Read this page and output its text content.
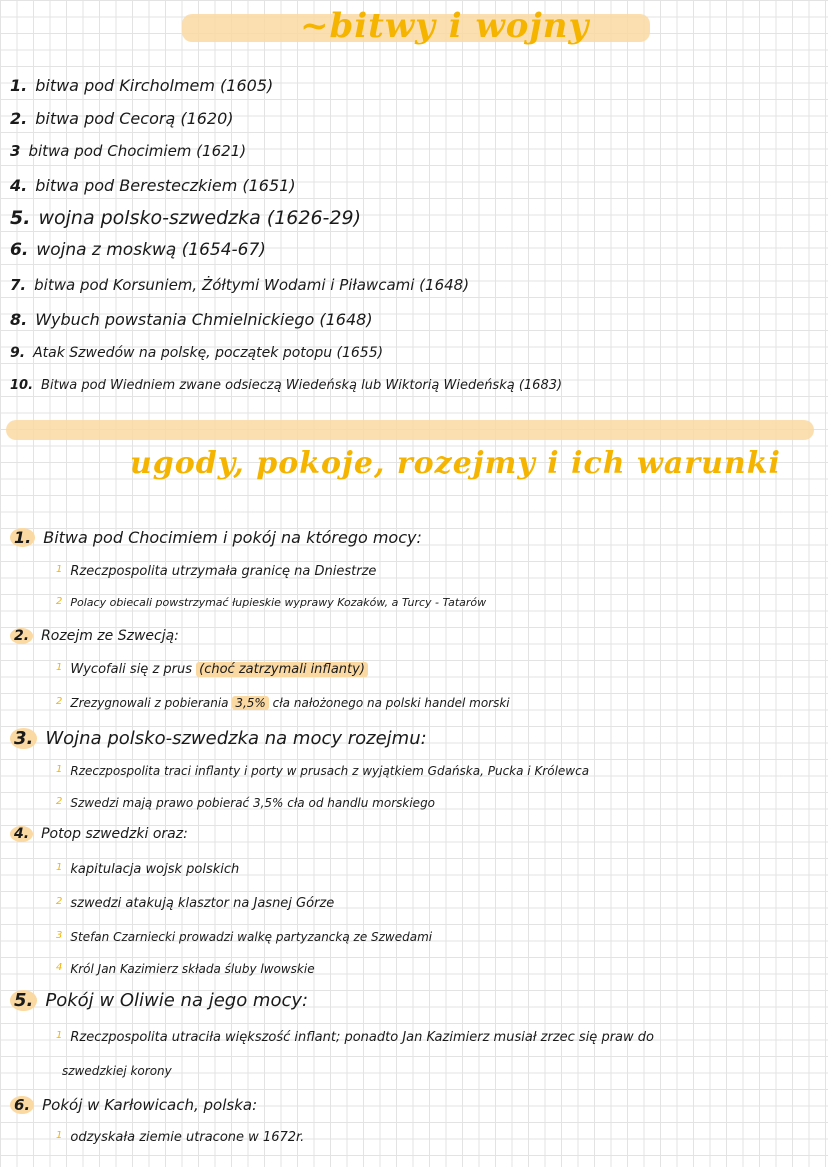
~bitwy i wojny
1. bitwa pod Kircholmem (1605)
2. bitwa pod Cecorą (1620)
3 bitwa pod Chocimiem (1621)
4. bitwa pod Beresteczkiem (1651)
5. wojna polsko-szwedzka (1626-29)
6. wojna z moskwą (1654-67)
7. bitwa pod Korsuniem, Żółtymi Wodami i Piławcami (1648)
8. Wybuch powstania Chmielnickiego (1648)
9. Atak Szwedów na polskę, początek potopu (1655)
10. Bitwa pod Wiedniem zwane odsieczą Wiedeńską lub Wiktorią Wiedeńską (1683)
ugody, pokoje, rozejmy i ich warunki
1. Bitwa pod Chocimiem i pokój na którego mocy:
$^1$ Rzeczpospolita utrzymała granicę na Dniestrze
2 Polacy obiecali powstrzymać łupieskie wyprawy Kozaków, a Turcy - Tatarów
2. Rozejm ze Szwecją:
$^1$ Wycofali się z prus (choć zatrzymali inflanty)
$^2$ Zrezygnowali z pobierania 3,5% cła nałożonego na polski handel morski
3. Wojna polsko-szwedzka na mocy rozejmu:
$^1$ Rzeczpospolita traci inflanty i porty w prusach z wyjątkiem Gdańska, Pucka i Królewca
$^2$ Szwedzi mają prawo pobierać 3,5% cła od handlu morskiego
4. Potop szwedzki oraz:
$^1$ kapitulacja wojsk polskich
$^2$ szwedzi atakują klasztor na Jasnej Górze
$^3$ Stefan Czarniecki prowadzi walkę partyzancką ze Szwedami
$^4$ Król Jan Kazimierz składa śluby lwowskie
5. Pokój w Oliwie na jego mocy:
$^1$ Rzeczpospolita utraciła większość inflant; ponadto Jan Kazimierz musiał zrzec się praw do
szwedzkiej korony
6. Pokój w Karłowicach, polska:
$^1$ odzyskała ziemie utracone w 1672r.
